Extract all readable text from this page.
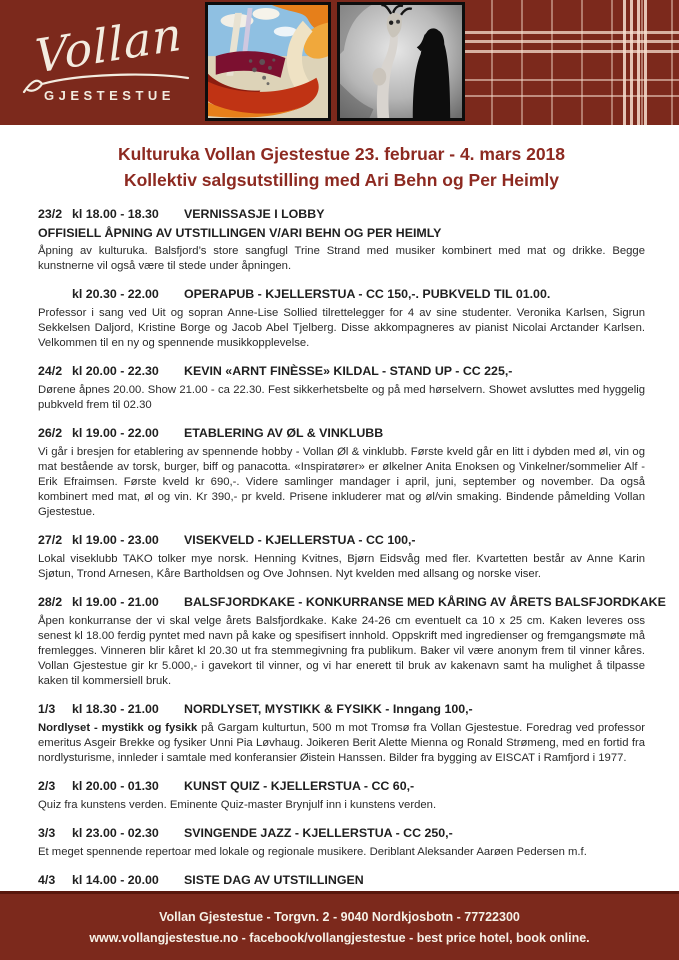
Vollan
GJESTESTUE
Kulturuka Vollan Gjestestue 23. februar - 4. mars 2018
Kollektiv salgsutstilling med Ari Behn og Per Heimly
23/2 kl 18.00 - 18.30	VERNISSASJE I LOBBY

OFFISIELL ÅPNING AV UTSTILLINGEN V/ARI BEHN OG PER HEIMLY

Åpning av kulturuka. Balsfjord’s store sangfugl Trine Strand med musiker kombinert med mat og drikke. Begge kunstnerne vil også være til stede under åpningen.

kl 20.30 - 22.00	OPERAPUB - KJELLERSTUA - CC 150,-. PUBKVELD TIL 01.00.

Professor i sang ved Uit og sopran Anne-Lise Sollied tilrettelegger for 4 av sine studenter. Veronika Karlsen, Sigrun Sekkelsen Daljord, Kristine Borge og Jacob Abel Tjelberg. Disse akkompagneres av pianist Nicolai Arctander Karlsen. Velkommen til en ny og spennende musikkopplevelse.

24/2 kl 20.00 - 22.30	KEVIN «ARNT FINÈSSE» KILDAL - STAND UP - CC 225,-

Dørene åpnes 20.00. Show 21.00 - ca 22.30. Fest sikkerhetsbelte og på med hørselvern. Showet avsluttes med hyggelig pubkveld frem til 02.30

26/2 kl 19.00 - 22.00	ETABLERING AV ØL & VINKLUBB

Vi går i bresjen for etablering av spennende hobby - Vollan Øl & vinklubb. Første kveld går en litt i dybden med øl, vin og mat bestående av torsk, burger, biff og panacotta. «Inspiratører» er ølkelner Anita Enoksen og Vinkelner/sommelier Alf - Erik Efraimsen. Første kveld kr 690,-. Videre samlinger mandager i april, juni, september og november. Da også kombinert med mat, øl og vin. Kr 390,- pr kveld. Prisene inkluderer mat og øl/vin smaking. Bindende påmelding Vollan Gjestestue.

27/2 kl 19.00 - 23.00	VISEKVELD - KJELLERSTUA - CC 100,-

Lokal viseklubb TAKO tolker mye norsk. Henning Kvitnes, Bjørn Eidsvåg med fler. Kvartetten består av Anne Karin Sjøtun, Trond Arnesen, Kåre Bartholdsen og Ove Johnsen. Nyt kvelden med allsang og norske viser.

28/2 kl 19.00 - 21.00	BALSFJORDKAKE - KONKURRANSE MED KÅRING AV ÅRETS BALSFJORDKAKE

Åpen konkurranse der vi skal velge årets Balsfjordkake. Kake 24-26 cm eventuelt ca 10 x 25 cm. Kaken leveres oss senest kl 18.00 ferdig pyntet med navn på kake og spesifisert innhold. Oppskrift med ingredienser og fremgangsmøte må fremlegges. Vinneren blir kåret kl 20.30 ut fra stemmegivning fra publikum. Baker vil være anonym frem til vinner kåres. Vollan Gjestestue gir kr 5.000,- i gavekort til vinner, og vi har enerett til bruk av kakenavn samt ha mulighet å tilpasse kaken til kommersiell bruk.

1/3	kl 18.30 - 21.00	NORDLYSET, MYSTIKK & FYSIKK - Inngang 100,-

Nordlyset - mystikk og fysikk på Gargam kulturtun, 500 m mot Tromsø fra Vollan Gjestestue. Foredrag ved professor emeritus Asgeir Brekke og fysiker Unni Pia Løvhaug. Joikeren Berit Alette Mienna og Ronald Strømeng, med en fortid fra nordlysturisme, innleder i samtale med konferansier Øistein Hanssen. Bilder fra bygging av EISCAT i Ramfjord i 1977.

2/3	kl 20.00 - 01.30	KUNST QUIZ - KJELLERSTUA - CC 60,-

Quiz fra kunstens verden. Eminente Quiz-master Brynjulf inn i kunstens verden.

3/3	kl 23.00 - 02.30	SVINGENDE JAZZ - KJELLERSTUA - CC 250,-

Et meget spennende repertoar med lokale og regionale musikere. Deriblant Aleksander Aarøen Pedersen m.f.

4/3	kl 14.00 - 20.00	SISTE DAG AV UTSTILLINGEN

Vollan Gjestestue - Torgvn. 2 - 9040 Nordkjosbotn - 77722300

www.vollangjestestue.no - facebook/vollangjestestue - best price hotel, book online.
